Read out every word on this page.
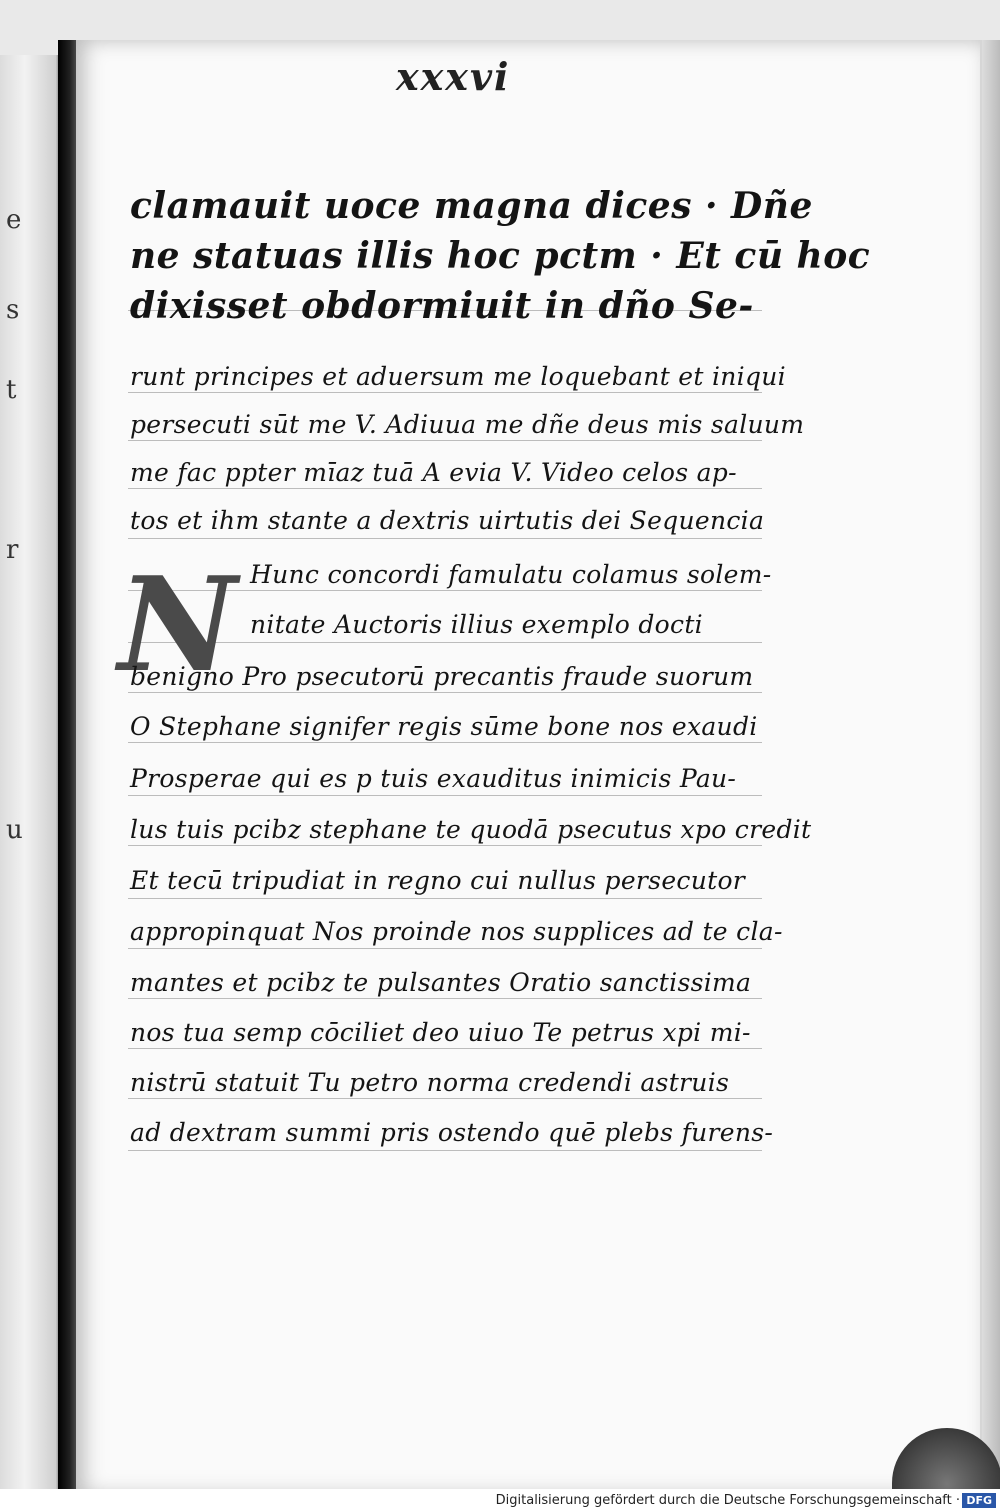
e
s
t
r
u
xxxvi
N
clamauit uoce magna dices · Dñe
ne statuas illis hoc pctm · Et cū hoc
dixisset obdormiuit in dño Se-
runt principes et aduersum me loquebant et iniqui
persecuti sūt me V. Adiuua me dñe deus mis saluum
me fac ppter mīaz tuā A evia V. Video celos ap-
tos et ihm stante a dextris uirtutis dei Sequencia
Hunc concordi famulatu colamus solem-
nitate Auctoris illius exemplo docti
benigno Pro psecutorū precantis fraude suorum
O Stephane signifer regis sūme bone nos exaudi
Prosperae qui es p tuis exauditus inimicis Pau-
lus tuis pcibz stephane te quodā psecutus xpo credit
Et tecū tripudiat in regno cui nullus persecutor
appropinquat Nos proinde nos supplices ad te cla-
mantes et pcibz te pulsantes Oratio sanctissima
nos tua semp cōciliet deo uiuo Te petrus xpi mi-
nistrū statuit Tu petro norma credendi astruis
ad dextram summi pris ostendo quē plebs furens-
Digitalisierung gefördert durch die Deutsche Forschungsgemeinschaft · DFG
